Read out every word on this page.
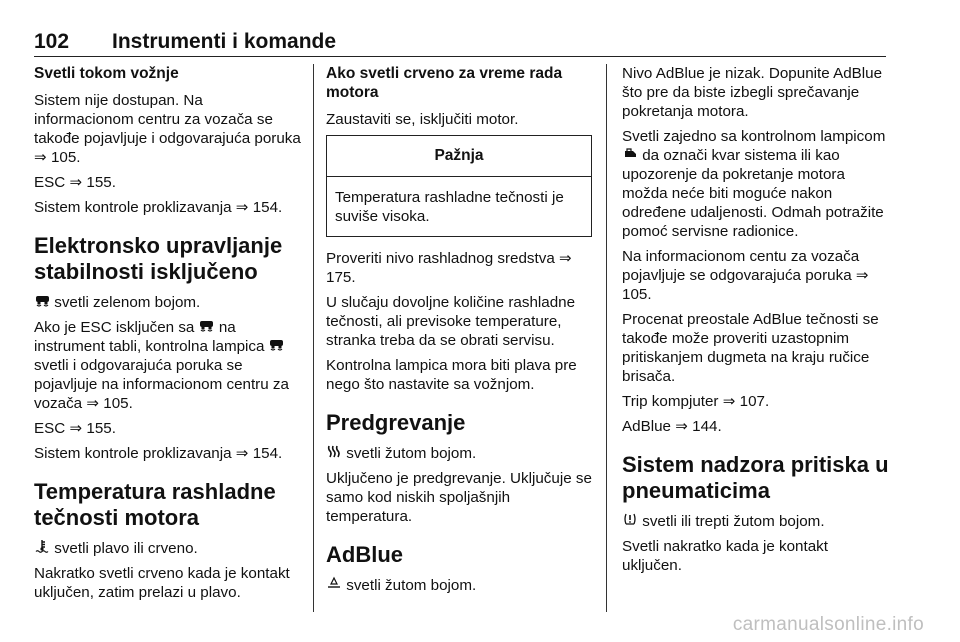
102 Instrumenti i komande
Svetli tokom vožnje

Sistem nije dostupan. Na informacionom centru za vozača se takođe pojavljuje i odgovarajuća poruka ⇒ 105.

ESC ⇒ 155.

Sistem kontrole proklizavanja ⇒ 154.

Elektronsko upravljanje stabilnosti isključeno

svetli zelenom bojom.

Ako je ESC isključen sa na instrument tabli, kontrolna lampica  svetli i odgovarajuća poruka se pojavljuje na informacionom centru za vozača ⇒ 105.

ESC ⇒ 155.

Sistem kontrole proklizavanja ⇒ 154.

Temperatura rashladne tečnosti motora

svetli plavo ili crveno.

Nakratko svetli crveno kada je kontakt uključen, zatim prelazi u plavo.

Ako svetli crveno za vreme rada motora

Zaustaviti se, isključiti motor.

Pažnja
Temperatura rashladne tečnosti je suviše visoka.

Proveriti nivo rashladnog sredstva ⇒ 175.

U slučaju dovoljne količine rashladne tečnosti, ali previsoke temperature, stranka treba da se obrati servisu.

Kontrolna lampica mora biti plava pre nego što nastavite sa vožnjom.

Predgrevanje

svetli žutom bojom.

Uključeno je predgrevanje. Uključuje se samo kod niskih spoljašnjih temperatura.

AdBlue

svetli žutom bojom.

Nivo AdBlue je nizak. Dopunite AdBlue što pre da biste izbegli sprečavanje pokretanja motora.

Svetli zajedno sa kontrolnom lampicom  da označi kvar sistema ili kao upozorenje da pokretanje motora možda neće biti moguće nakon određene udaljenosti. Odmah potražite pomoć servisne radionice.

Na informacionom centu za vozača pojavljuje se odgovarajuća poruka ⇒ 105.

Procenat preostale AdBlue tečnosti se takođe može proveriti uzastopnim pritiskanjem dugmeta na kraju ručice brisača.

Trip kompjuter ⇒ 107.

AdBlue ⇒ 144.

Sistem nadzora pritiska u pneumaticima

svetli ili trepti žutom bojom.

Svetli nakratko kada je kontakt uključen.

carmanualsonline.info
